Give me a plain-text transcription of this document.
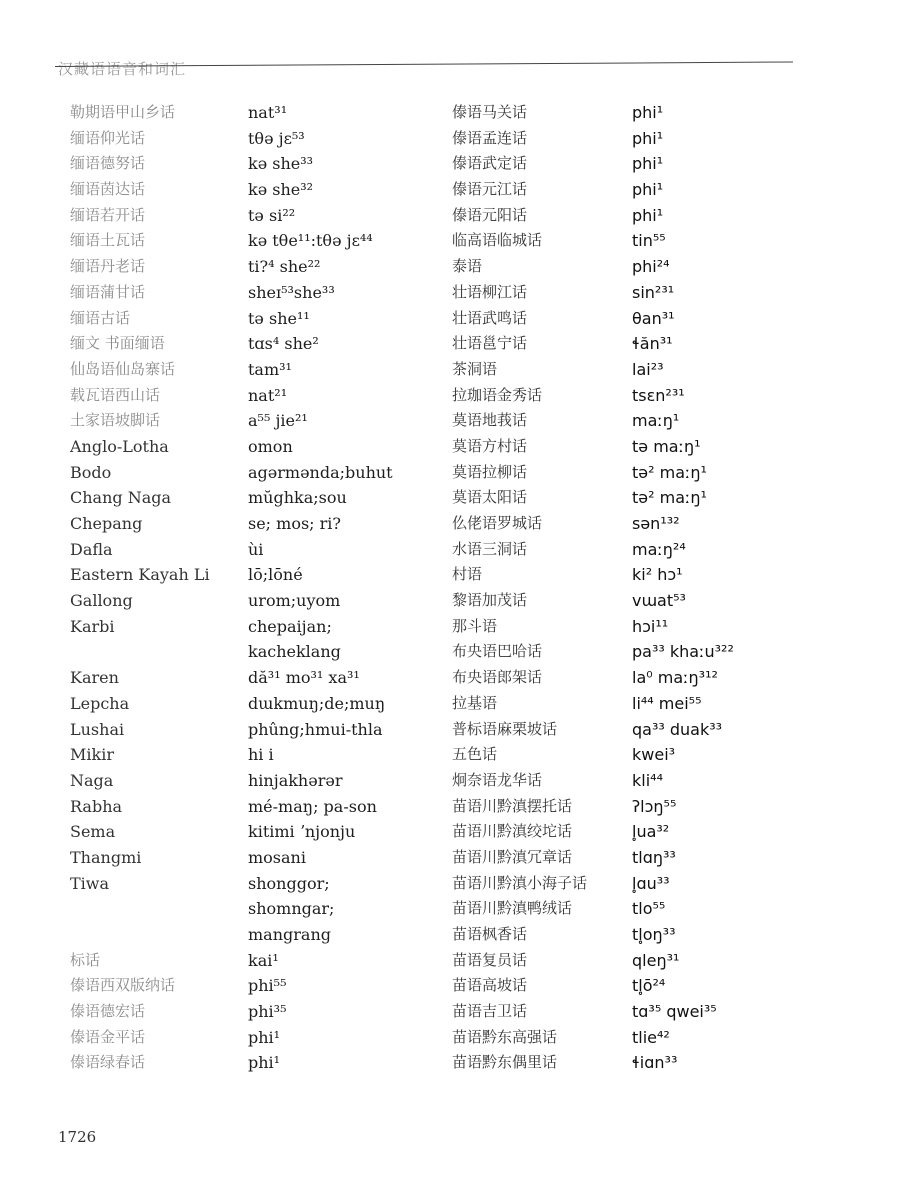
汉藏语语音和词汇
勒期语甲山乡话
缅语仰光话
缅语德努话
缅语茵达话
缅语若开话
缅语土瓦话
缅语丹老话
缅语蒲甘话
缅语古话
缅文 书面缅语
仙岛语仙岛寨话
载瓦语西山话
土家语坡脚话
Anglo-Lotha
Bodo
Chang Naga
Chepang
Dafla
Eastern Kayah Li
Gallong
Karbi
Karen
Lepcha
Lushai
Mikir
Naga
Rabha
Sema
Thangmi
Tiwa
标话
傣语西双版纳话
傣语德宏话
傣语金平话
傣语绿春话
nat³¹
tθə jɛ⁵³
kə she³³
kə she³²
tə si²²
kə tθe¹¹:tθə jɛ⁴⁴
ti?⁴ she²²
sheɪ⁵³she³³
tə she¹¹
tɑs⁴ she²
tam³¹
nat²¹
a⁵⁵ jie²¹
omon
agərmənda;buhut
mŭghka;sou
se; mos; ri?
ùi
lō;lōné
urom;uyom
chepaijan;
kacheklang
dă³¹ mo³¹ xa³¹
dɯkmuŋ;de;muŋ
phûng;hmui-thla
hi i
hinjakhərər
mé-maŋ; pa-son
kitimi ʼnjonju
mosani
shonggor;
shomngar;
mangrang
kai¹
phi⁵⁵
phi³⁵
phi¹
phi¹
傣语马关话
傣语孟连话
傣语武定话
傣语元江话
傣语元阳话
临高语临城话
泰语
壮语柳江话
壮语武鸣话
壮语邕宁话
茶洞语
拉珈语金秀话
莫语地莪话
莫语方村话
莫语拉柳话
莫语太阳话
仫佬语罗城话
水语三洞话
村语
黎语加茂话
那斗语
布央语巴哈话
布央语郎架话
拉基语
普标语麻栗坡话
五色话
炯奈语龙华话
苗语川黔滇摆托话
苗语川黔滇绞坨话
苗语川黔滇冗章话
苗语川黔滇小海子话
苗语川黔滇鸭绒话
苗语枫香话
苗语复员话
苗语高坡话
苗语吉卫话
苗语黔东高强话
苗语黔东偶里话
phi¹
phi¹
phi¹
phi¹
phi¹
tin⁵⁵
phi²⁴
sin²³¹
θan³¹
ɬăn³¹
lai²³
tsɛn²³¹
maːŋ¹
tə maːŋ¹
tə² maːŋ¹
tə² maːŋ¹
sən¹³²
maːŋ²⁴
ki² hɔ¹
vɯat⁵³
hɔi¹¹
pa³³ khaːu³²²
la⁰ maːŋ³¹²
li⁴⁴ mei⁵⁵
qa³³ duak³³
kwei³
kli⁴⁴
ʔlɔŋ⁵⁵
l̥ua³²
tlɑŋ³³
l̥ɑu³³
tlo⁵⁵
tl̥oŋ³³
qleŋ³¹
tl̥ō²⁴
tɑ³⁵ qwei³⁵
tlie⁴²
ɬiɑn³³
1726
